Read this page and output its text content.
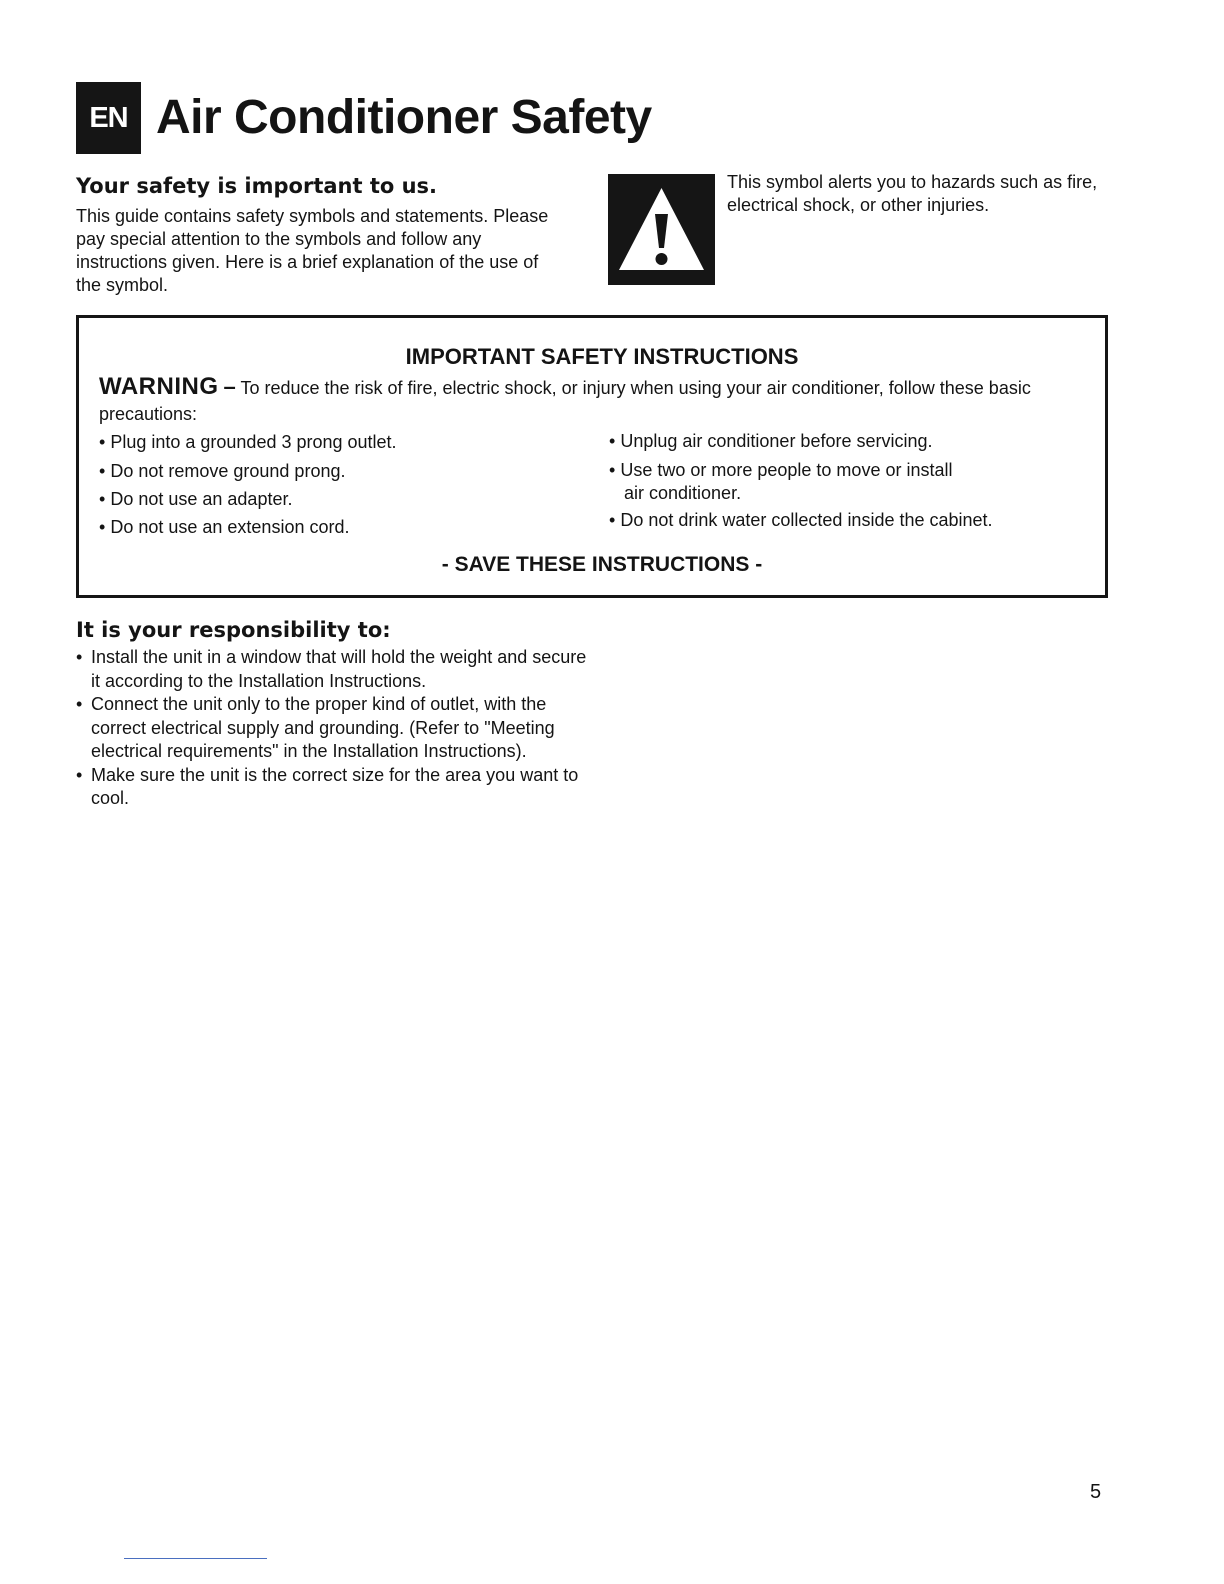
EN Air Conditioner Safety
Your safety is important to us.

This guide contains safety symbols and statements. Please pay special attention to the symbols and follow any instructions given. Here is a brief explanation of the use of the symbol.

This symbol alerts you to hazards such as fire, electrical shock, or other injuries.

IMPORTANT SAFETY INSTRUCTIONS

WARNING – To reduce the risk of fire, electric shock, or injury when using your air conditioner, follow these basic precautions:

• Plug into a grounded 3 prong outlet.
• Do not remove ground prong.
• Do not use an adapter.
• Do not use an extension cord.
• Unplug air conditioner before servicing.
• Use two or more people to move or install
air conditioner.
• Do not drink water collected inside the cabinet.

- SAVE THESE INSTRUCTIONS -

It is your responsibility to:
• Install the unit in a window that will hold the weight and secure it according to the Installation Instructions.
• Connect the unit only to the proper kind of outlet, with the correct electrical supply and grounding. (Refer to "Meeting electrical requirements" in the Installation Instructions).
• Make sure the unit is the correct size for the area you want to cool.

5
